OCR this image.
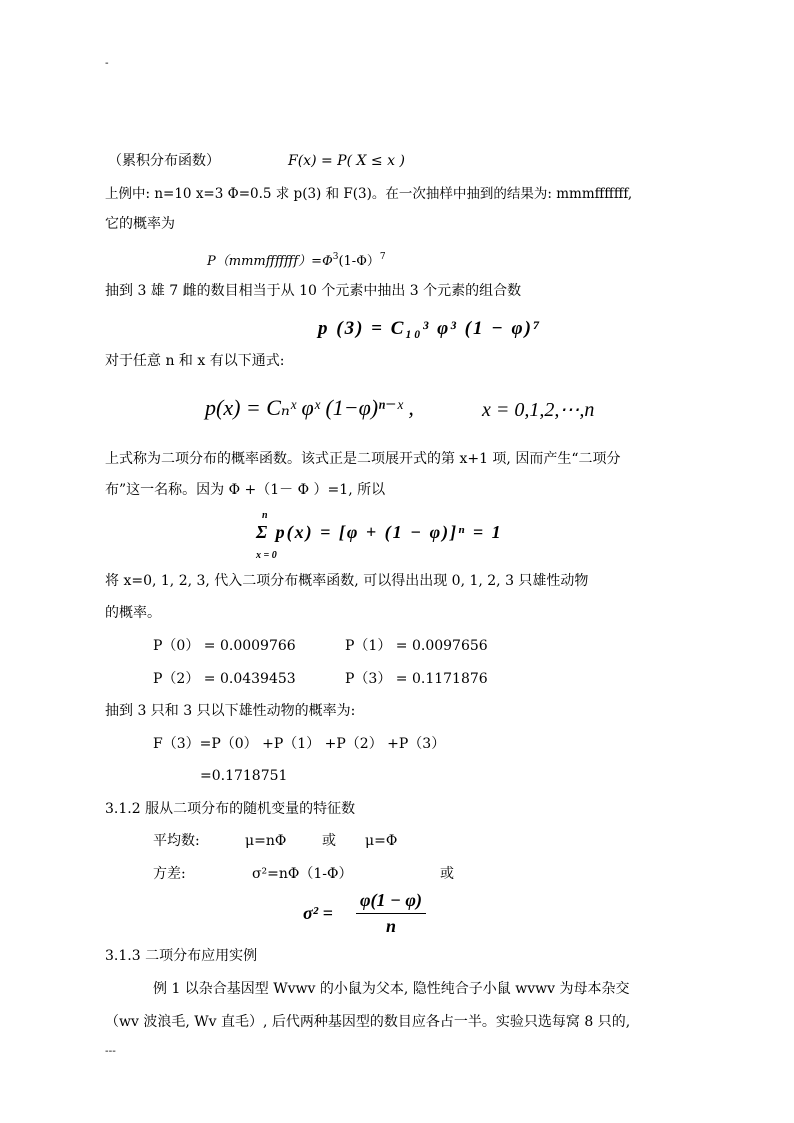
-
（累积分布函数）	F(x) = P( X ≤ x )
上例中: n=10 x=3 Φ=0.5 求 p(3) 和 F(3)。在一次抽样中抽到的结果为: mmmfffffff,
它的概率为
$P(mmmfffffff)=\Phi^3(1-\Phi)^7$
抽到 3 雄 7 雌的数目相当于从 10 个元素中抽出 3 个元素的组合数
p (3) = C₁₀³ φ³ (1 − φ)⁷
对于任意 n 和 x 有以下通式:
p(x) = Cₙˣ φˣ (1−φ)ⁿ⁻ˣ ,	x = 0,1,2,⋯,n
上式称为二项分布的概率函数。该式正是二项展开式的第 x+1 项, 因而产生“二项分
布”这一名称。因为 Φ +（1－ Φ ）=1, 所以
n
x = 0
Σ p(x) = [φ + (1 − φ)]ⁿ = 1
将 x=0, 1, 2, 3, 代入二项分布概率函数, 可以得出出现 0, 1, 2, 3 只雄性动物
的概率。
P（0） = 0.0009766	P（1） = 0.0097656
P（2） = 0.0439453	P（3） = 0.1171876
抽到 3 只和 3 只以下雄性动物的概率为:
F（3）=P（0） +P（1） +P（2） +P（3）
=0.1718751
3.1.2 服从二项分布的随机变量的特征数
平均数:	μ=nΦ	或 μ=Φ
方差:	σ²=nΦ（1-Φ）	或
$\sigma^2 = \frac{\varphi(1 - \varphi)}{n}$
3.1.3 二项分布应用实例
例 1 以杂合基因型 Wvwv 的小鼠为父本, 隐性纯合子小鼠 wvwv 为母本杂交
（wv 波浪毛, Wv 直毛）, 后代两种基因型的数目应各占一半。实验只选每窝 8 只的,
---
